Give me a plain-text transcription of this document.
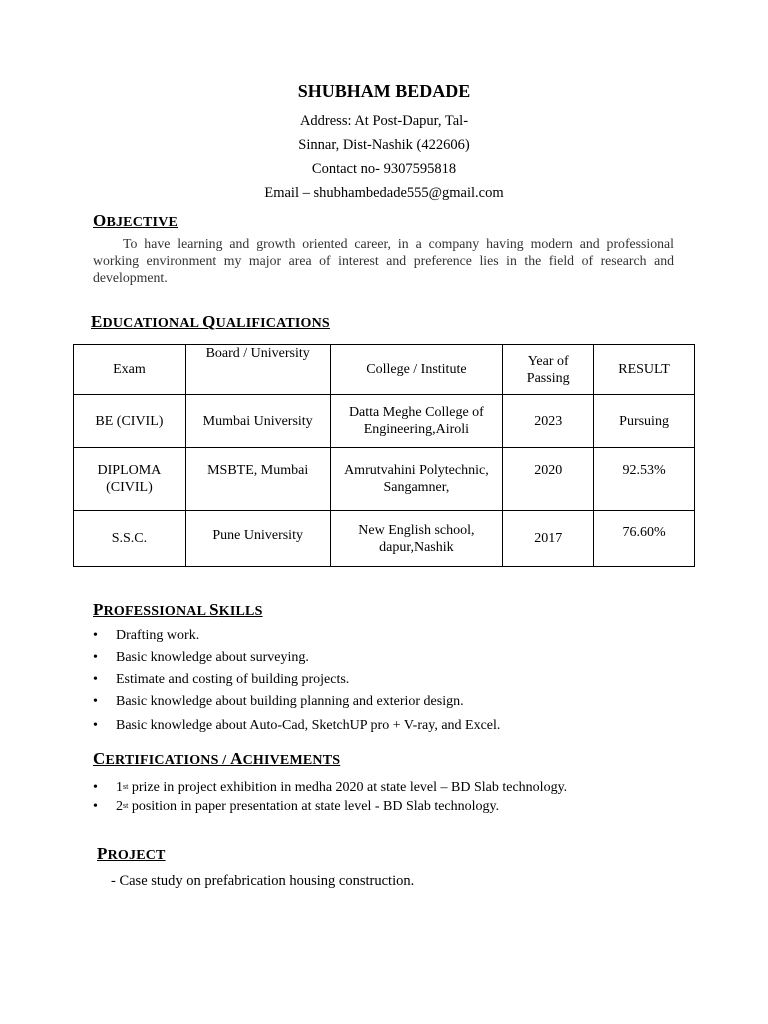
SHUBHAM BEDADE
Address: At Post-Dapur, Tal-
Sinnar, Dist-Nashik (422606)
Contact no- 9307595818
Email – shubhambedade555@gmail.com
OBJECTIVE
To have learning and growth oriented career, in a company having modern and professional working environment my major area of interest and preference lies in the field of research and development.
EDUCATIONAL QUALIFICATIONS
Exam	Board / University	College / Institute	Year of Passing	RESULT
BE (CIVIL)	Mumbai University	Datta Meghe College of Engineering,Airoli	2023	Pursuing
DIPLOMA (CIVIL)	MSBTE, Mumbai	Amrutvahini Polytechnic, Sangamner,	2020	92.53%
S.S.C.	Pune University	New English school, dapur,Nashik	2017	76.60%
PROFESSIONAL SKILLS
• Drafting work.
• Basic knowledge about surveying.
• Estimate and costing of building projects.
• Basic knowledge about building planning and exterior design.
• Basic knowledge about Auto-Cad, SketchUP pro + V-ray, and Excel.
CERTIFICATIONS / ACHIVEMENTS
• 1st prize in project exhibition in medha 2020 at state level – BD Slab technology.
• 2st position in paper presentation at state level - BD Slab technology.
PROJECT
- Case study on prefabrication housing construction.
